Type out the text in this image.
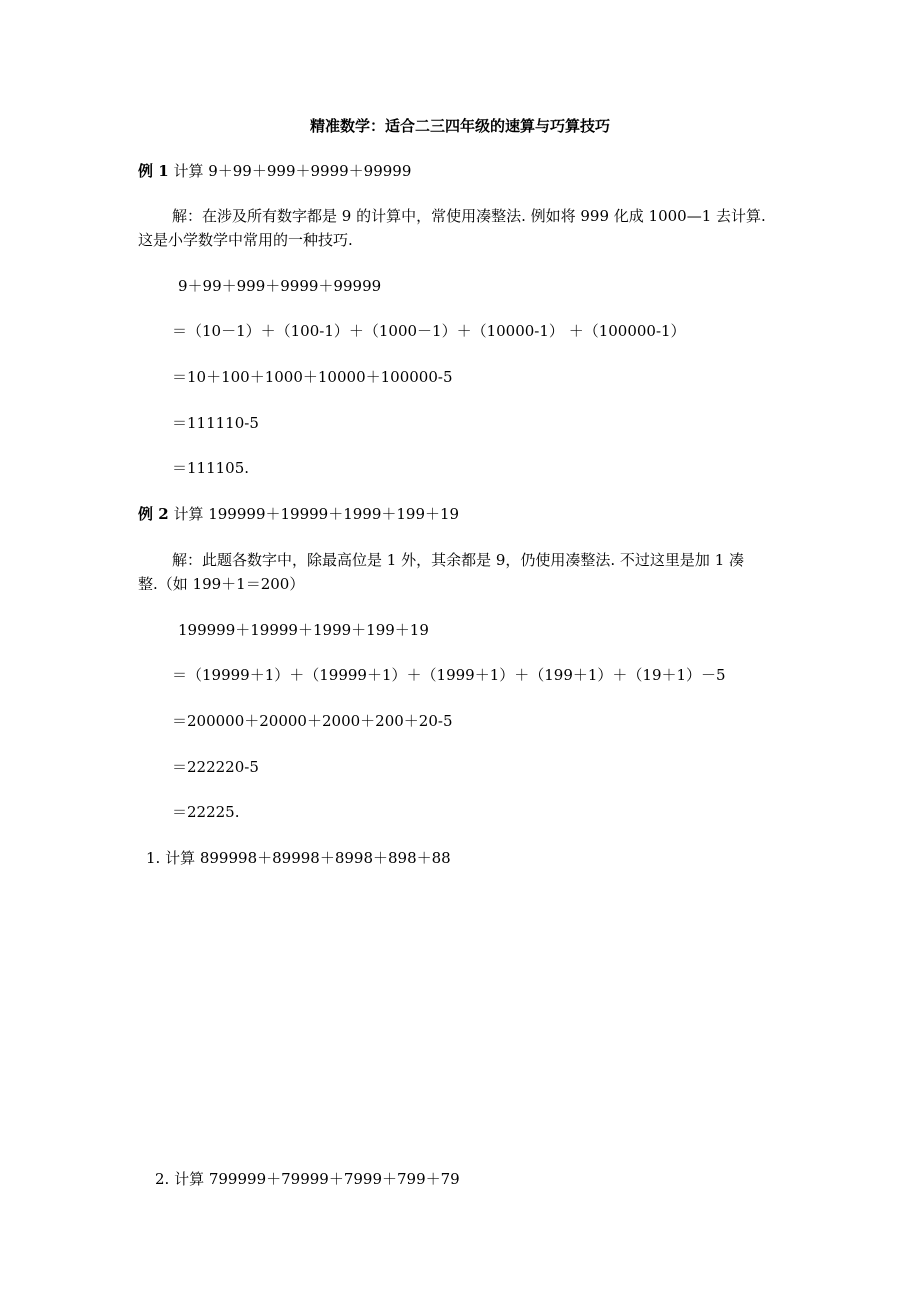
精准数学：适合二三四年级的速算与巧算技巧
例 1 计算 9＋99＋999＋9999＋99999
解：在涉及所有数字都是 9 的计算中，常使用凑整法. 例如将 999 化成 1000—1 去计算.
这是小学数学中常用的一种技巧.
9＋99＋999＋9999＋99999
＝（10－1）＋（100-1）＋（1000－1）＋（10000-1） ＋（100000-1）
＝10＋100＋1000＋10000＋100000-5
＝111110-5
＝111105.
例 2 计算 199999＋19999＋1999＋199＋19
解：此题各数字中，除最高位是 1 外，其余都是 9，仍使用凑整法. 不过这里是加 1 凑
整.（如 199＋1＝200）
199999＋19999＋1999＋199＋19
＝（19999＋1）＋（19999＋1）＋（1999＋1）＋（199＋1）＋（19＋1）－5
＝200000＋20000＋2000＋200＋20-5
＝222220-5
＝22225.
1. 计算 899998＋89998＋8998＋898＋88
2. 计算 799999＋79999＋7999＋799＋79
